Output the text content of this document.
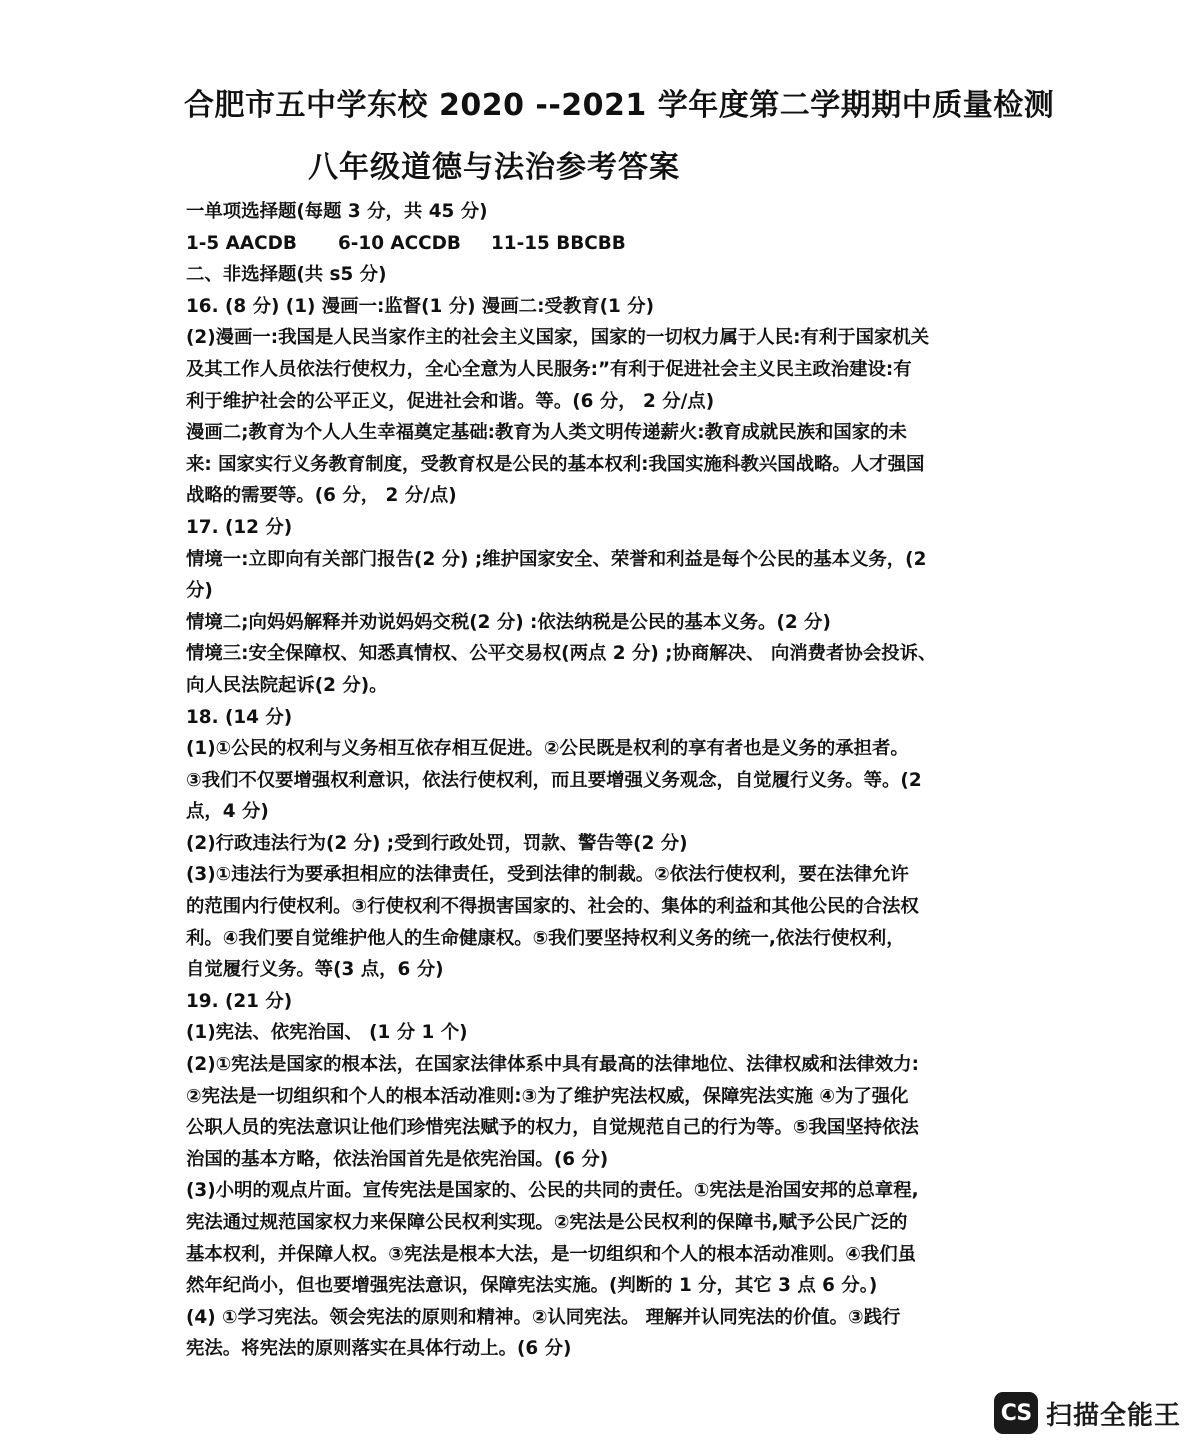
合肥市五中学东校 2020 --2021 学年度第二学期期中质量检测
八年级道德与法治参考答案
一单项选择题(每题 3 分，共 45 分)
1-5 AACDB 6-10 ACCDB 11-15 BBCBB
二、非选择题(共 s5 分)
16. (8 分) (1) 漫画一:监督(1 分) 漫画二:受教育(1 分)
(2)漫画一:我国是人民当家作主的社会主义国家，国家的一切权力属于人民:有利于国家机关
及其工作人员依法行使权力，全心全意为人民服务:”有利于促进社会主义民主政治建设:有
利于维护社会的公平正义，促进社会和谐。等。(6 分， 2 分/点)
漫画二;教育为个人人生幸福奠定基础:教育为人类文明传递薪火:教育成就民族和国家的未
来: 国家实行义务教育制度，受教育权是公民的基本权利:我国实施科教兴国战略。人才强国
战略的需要等。(6 分， 2 分/点)
17. (12 分)
情境一:立即向有关部门报告(2 分) ;维护国家安全、荣誉和利益是每个公民的基本义务，(2
分)
情境二;向妈妈解释并劝说妈妈交税(2 分) :依法纳税是公民的基本义务。(2 分)
情境三:安全保障权、知悉真情权、公平交易权(两点 2 分) ;协商解决、 向消费者协会投诉、
向人民法院起诉(2 分)。
18. (14 分)
(1)①公民的权利与义务相互依存相互促进。②公民既是权利的享有者也是义务的承担者。
③我们不仅要增强权利意识，依法行使权利，而且要增强义务观念，自觉履行义务。等。(2
点，4 分)
(2)行政违法行为(2 分) ;受到行政处罚，罚款、警告等(2 分)
(3)①违法行为要承担相应的法律责任，受到法律的制裁。②依法行使权利，要在法律允许
的范围内行使权利。③行使权利不得损害国家的、社会的、集体的利益和其他公民的合法权
利。④我们要自觉维护他人的生命健康权。⑤我们要坚持权利义务的统一,依法行使权利，
自觉履行义务。等(3 点，6 分)
19. (21 分)
(1)宪法、依宪治国、 (1 分 1 个)
(2)①宪法是国家的根本法，在国家法律体系中具有最高的法律地位、法律权威和法律效力:
②宪法是一切组织和个人的根本活动准则:③为了维护宪法权威，保障宪法实施 ④为了强化
公职人员的宪法意识让他们珍惜宪法赋予的权力，自觉规范自己的行为等。⑤我国坚持依法
治国的基本方略，依法治国首先是依宪治国。(6 分)
(3)小明的观点片面。宣传宪法是国家的、公民的共同的责任。①宪法是治国安邦的总章程,
宪法通过规范国家权力来保障公民权利实现。②宪法是公民权利的保障书,赋予公民广泛的
基本权利，并保障人权。③宪法是根本大法，是一切组织和个人的根本活动准则。④我们虽
然年纪尚小，但也要增强宪法意识，保障宪法实施。(判断的 1 分，其它 3 点 6 分。)
(4) ①学习宪法。领会宪法的原则和精神。②认同宪法。 理解并认同宪法的价值。③践行
宪法。将宪法的原则落实在具体行动上。(6 分)
CS 扫描全能王
